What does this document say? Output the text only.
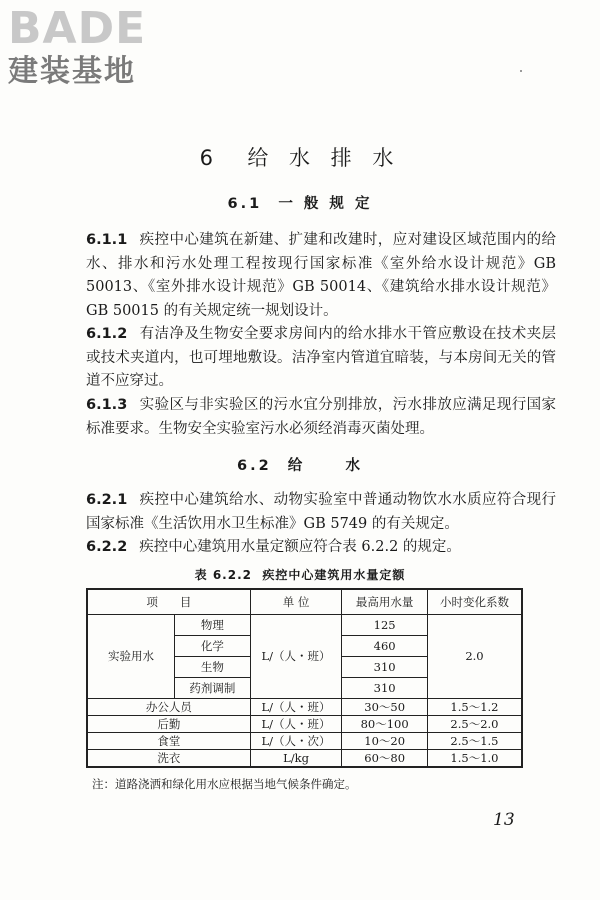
BADE
建装基地
6  给 水 排 水
6.1  一 般 规 定
6.1.1 疾控中心建筑在新建、扩建和改建时，应对建设区域范围内的给水、排水和污水处理工程按现行国家标准《室外给水设计规范》GB 50013、《室外排水设计规范》GB 50014、《建筑给水排水设计规范》GB 50015 的有关规定统一规划设计。
6.1.2 有洁净及生物安全要求房间内的给水排水干管应敷设在技术夹层或技术夹道内，也可埋地敷设。洁净室内管道宜暗装，与本房间无关的管道不应穿过。
6.1.3 实验区与非实验区的污水宜分别排放，污水排放应满足现行国家标准要求。生物安全实验室污水必须经消毒灭菌处理。
6.2  给     水
6.2.1 疾控中心建筑给水、动物实验室中普通动物饮水水质应符合现行国家标准《生活饮用水卫生标准》GB 5749 的有关规定。
6.2.2 疾控中心建筑用水量定额应符合表 6.2.2 的规定。
表 6.2.2  疾控中心建筑用水量定额
项      目		单 位	最高用水量	小时变化系数
实验用水	物理	L/（人・班）	125	2.0
	化学		460	
	生物		310	
	药剂调制		310	
办公人员		L/（人・班）	30～50	1.5～1.2
后勤		L/（人・班）	80～100	2.5～2.0
食堂		L/（人・次）	10～20	2.5～1.5
洗衣		L/kg	60～80	1.5～1.0
注：道路浇洒和绿化用水应根据当地气候条件确定。
13
